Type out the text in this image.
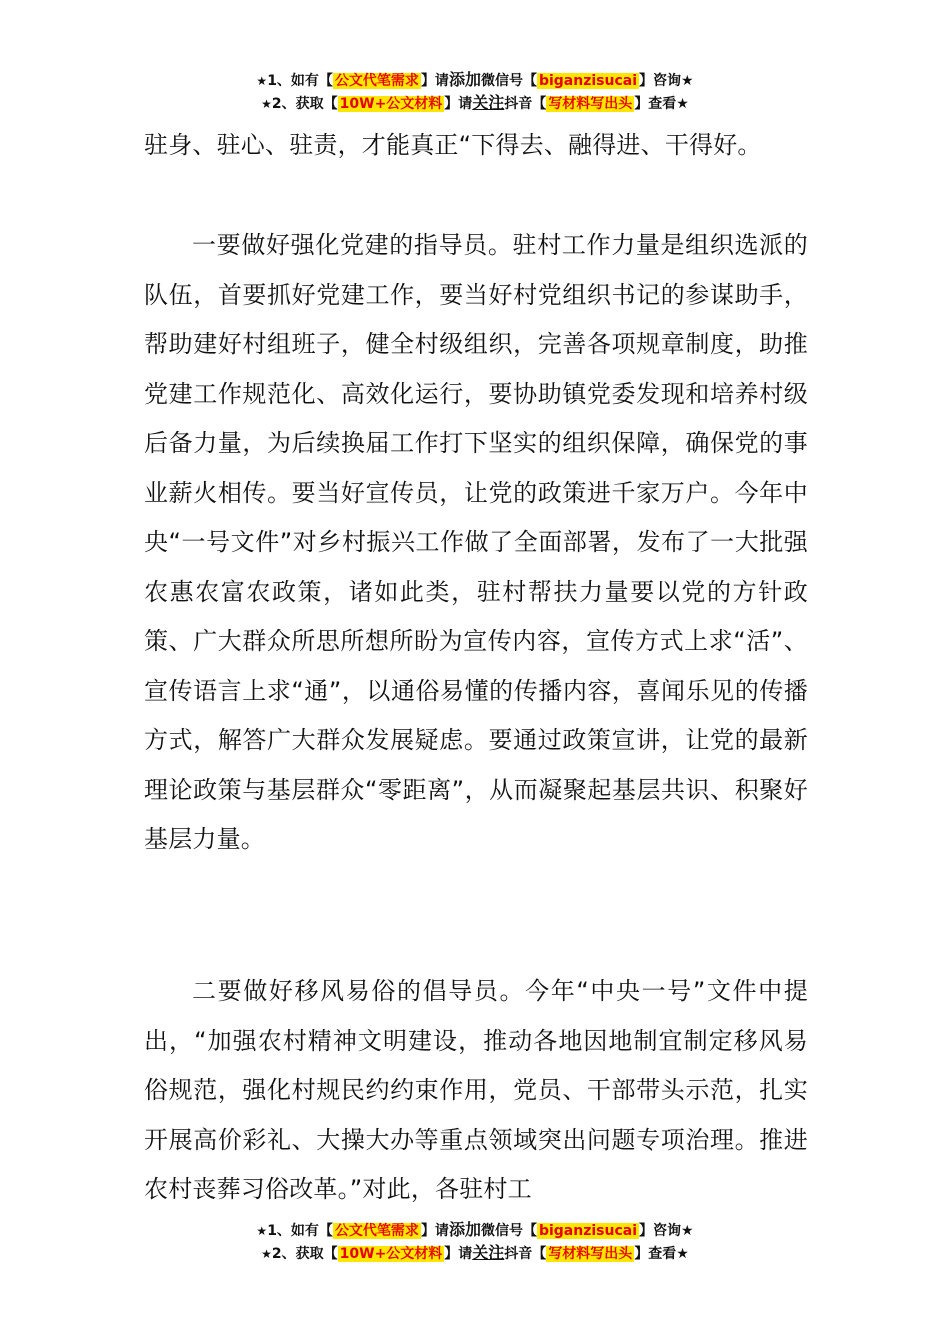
★1、如有【 公文代笔需求 】请添加微信号【 biganzisucai 】咨询★
★2、获取【 10W+公文材料 】请关注抖音【 写材料写出头 】查看★

驻身、驻心、驻责，才能真正“下得去、融得进、干得好。

一要做好强化党建的指导员。驻村工作力量是组织选派的队伍，首要抓好党建工作，要当好村党组织书记的参谋助手，帮助建好村组班子，健全村级组织，完善各项规章制度，助推党建工作规范化、高效化运行，要协助镇党委发现和培养村级后备力量，为后续换届工作打下坚实的组织保障，确保党的事业薪火相传。要当好宣传员，让党的政策进千家万户。今年中央“一号文件”对乡村振兴工作做了全面部署，发布了一大批强农惠农富农政策，诸如此类，驻村帮扶力量要以党的方针政策、广大群众所思所想所盼为宣传内容，宣传方式上求“活”、宣传语言上求“通”，以通俗易懂的传播内容，喜闻乐见的传播方式，解答广大群众发展疑虑。要通过政策宣讲，让党的最新理论政策与基层群众“零距离”，从而凝聚起基层共识、积聚好基层力量。

二要做好移风易俗的倡导员。今年“中央一号”文件中提出，“加强农村精神文明建设，推动各地因地制宜制定移风易俗规范，强化村规民约约束作用，党员、干部带头示范，扎实开展高价彩礼、大操大办等重点领域突出问题专项治理。推进农村丧葬习俗改革。”对此，各驻村工

★1、如有【 公文代笔需求 】请添加微信号【 biganzisucai 】咨询★
★2、获取【 10W+公文材料 】请关注抖音【 写材料写出头 】查看★
